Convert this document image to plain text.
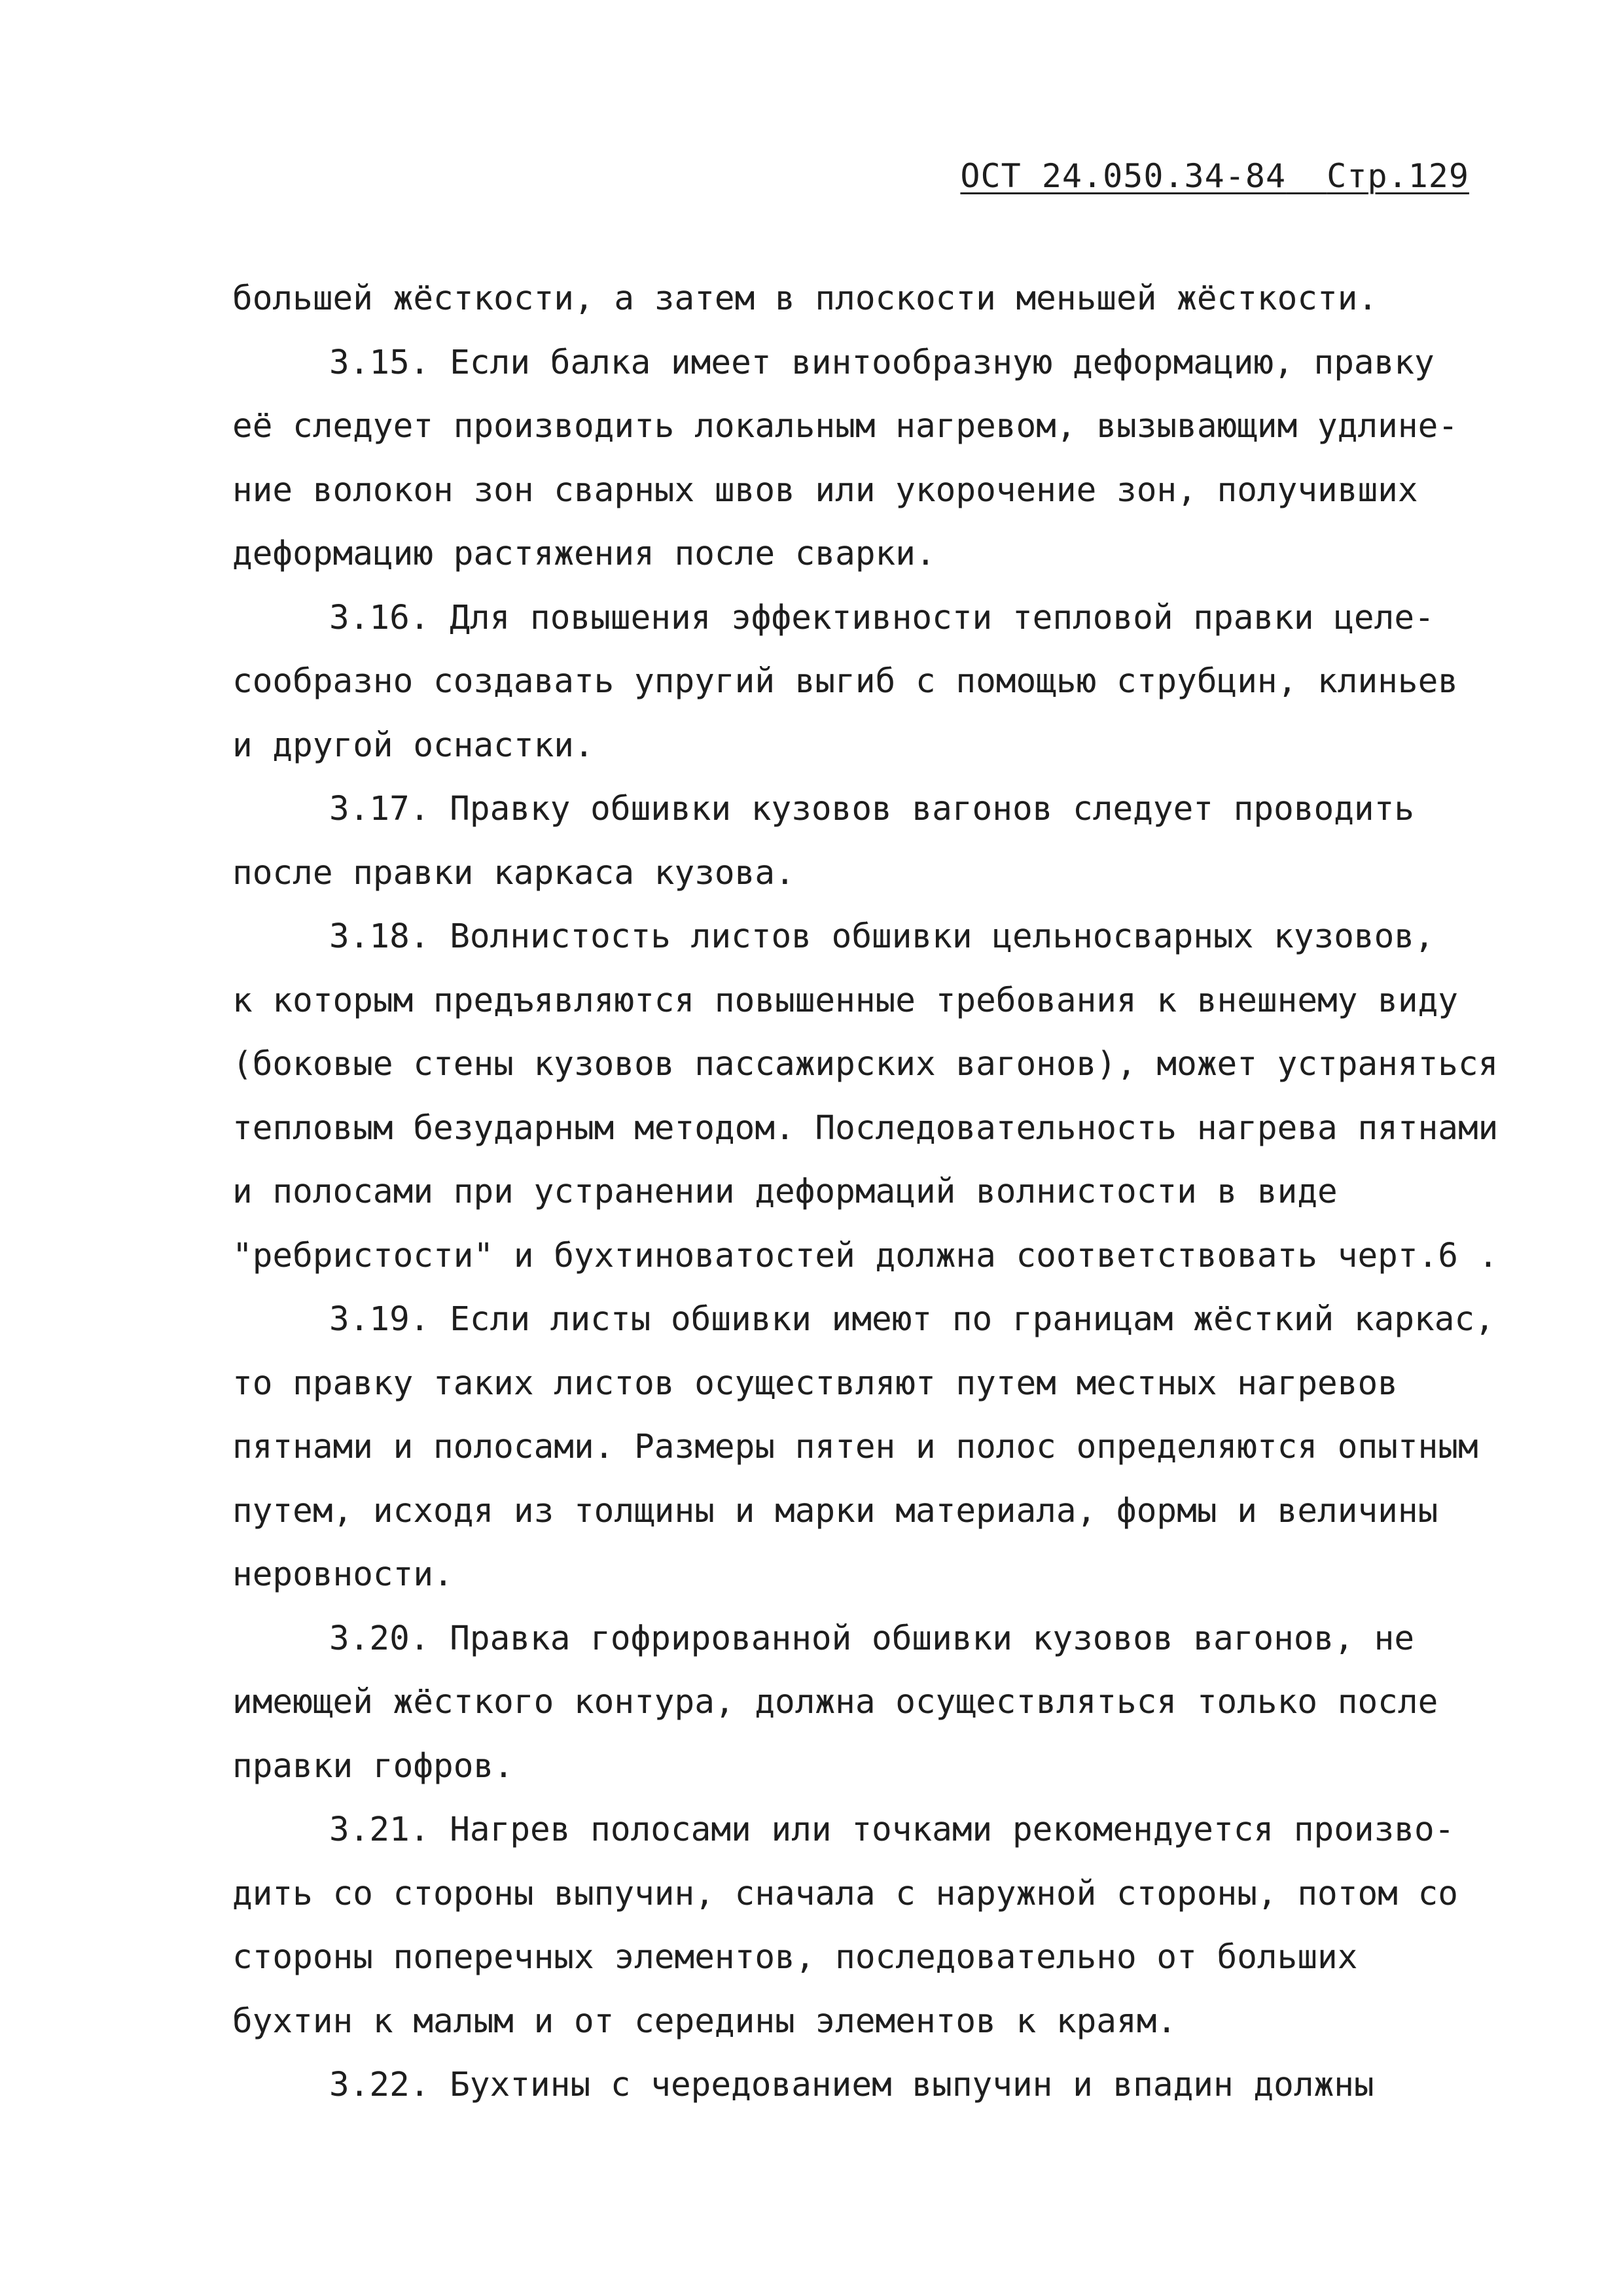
ОСТ 24.050.34-84 Стр.129
большей жёсткости, а затем в плоскости меньшей жёсткости.
3.15. Если балка имеет винтообразную деформацию, правку
её следует производить локальным нагревом, вызывающим удлине-
ние волокон зон сварных швов или укорочение зон, получивших
деформацию растяжения после сварки.
3.16. Для повышения эффективности тепловой правки целе-
сообразно создавать упругий выгиб с помощью струбцин, клиньев
и другой оснастки.
3.17. Правку обшивки кузовов вагонов следует проводить
после правки каркаса кузова.
3.18. Волнистость листов обшивки цельносварных кузовов,
к которым предъявляются повышенные требования к внешнему виду
(боковые стены кузовов пассажирских вагонов), может устраняться
тепловым безударным методом. Последовательность нагрева пятнами
и полосами при устранении деформаций волнистости в виде
"ребристости" и бухтиноватостей должна соответствовать черт.6 .
3.19. Если листы обшивки имеют по границам жёсткий каркас,
то правку таких листов осуществляют путем местных нагревов
пятнами и полосами. Размеры пятен и полос определяются опытным
путем, исходя из толщины и марки материала, формы и величины
неровности.
3.20. Правка гофрированной обшивки кузовов вагонов, не
имеющей жёсткого контура, должна осуществляться только после
правки гофров.
3.21. Нагрев полосами или точками рекомендуется произво-
дить со стороны выпучин, сначала с наружной стороны, потом со
стороны поперечных элементов, последовательно от больших
бухтин к малым и от середины элементов к краям.
3.22. Бухтины с чередованием выпучин и впадин должны
